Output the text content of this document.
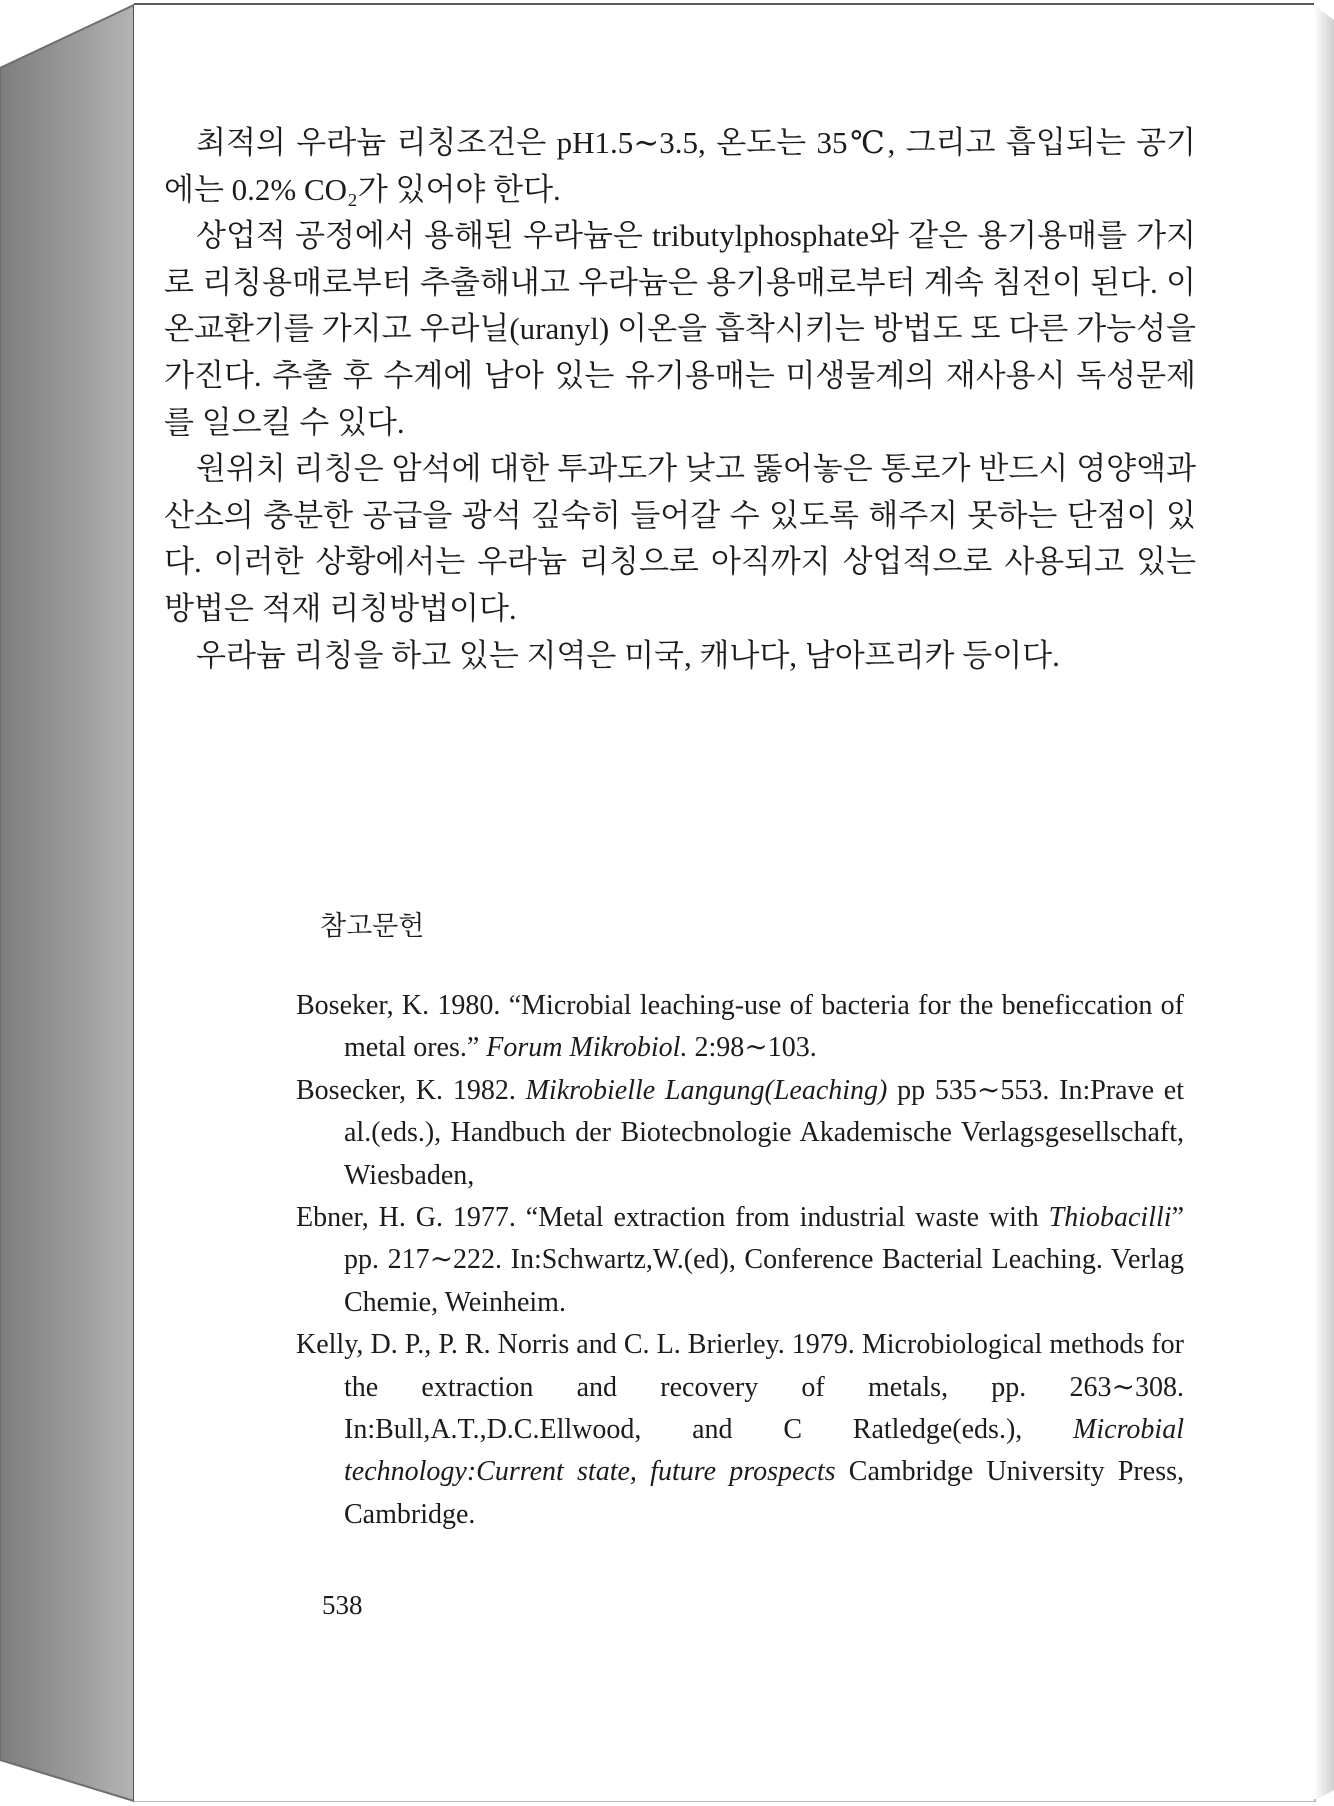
최적의 우라늄 리칭조건은 pH1.5∼3.5, 온도는 35℃, 그리고 흡입되는 공기에는 0.2% CO₂가 있어야 한다.

상업적 공정에서 용해된 우라늄은 tributylphosphate와 같은 용기용매를 가지로 리칭용매로부터 추출해내고 우라늄은 용기용매로부터 계속 침전이 된다. 이온교환기를 가지고 우라닐(uranyl) 이온을 흡착시키는 방법도 또 다른 가능성을 가진다. 추출 후 수계에 남아 있는 유기용매는 미생물계의 재사용시 독성문제를 일으킬 수 있다.

원위치 리칭은 암석에 대한 투과도가 낮고 뚫어놓은 통로가 반드시 영양액과 산소의 충분한 공급을 광석 깊숙히 들어갈 수 있도록 해주지 못하는 단점이 있다. 이러한 상황에서는 우라늄 리칭으로 아직까지 상업적으로 사용되고 있는 방법은 적재 리칭방법이다.

우라늄 리칭을 하고 있는 지역은 미국, 캐나다, 남아프리카 등이다.

참고문헌

Boseker, K. 1980. “Microbial leaching-use of bacteria for the beneficcation of metal ores.” Forum Mikrobiol. 2:98∼103.

Bosecker, K. 1982. Mikrobielle Langung(Leaching) pp 535∼553. In:Prave et al.(eds.), Handbuch der Biotecbnologie Akademische Verlagsgesellschaft, Wiesbaden,

Ebner, H. G. 1977. “Metal extraction from industrial waste with Thiobacilli” pp. 217∼222. In:Schwartz,W.(ed), Conference Bacterial Leaching. Verlag Chemie, Weinheim.

Kelly, D. P., P. R. Norris and C. L. Brierley. 1979. Microbiological methods for the extraction and recovery of metals, pp. 263∼308. In:Bull,A.T.,D.C.Ellwood, and C Ratledge(eds.), Microbial technology:Current state, future prospects Cambridge University Press, Cambridge.

538
